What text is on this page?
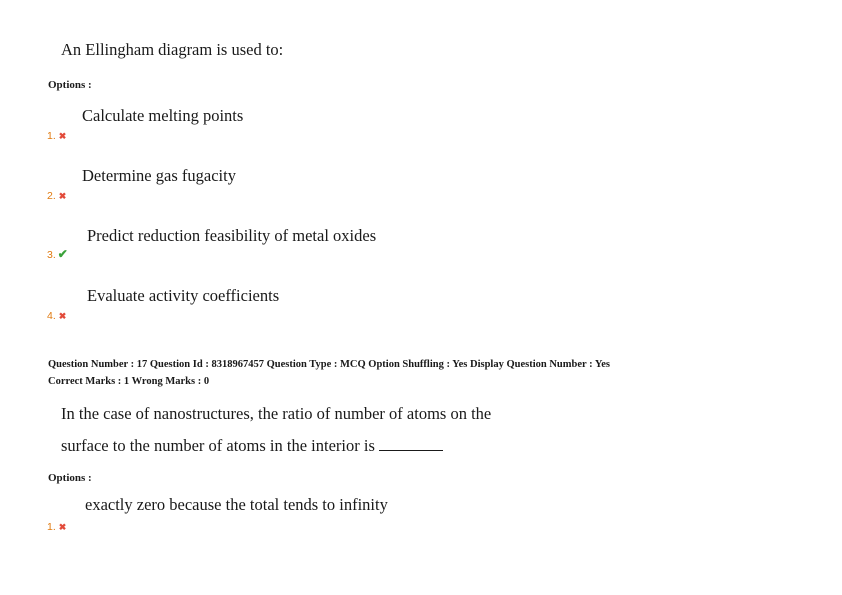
An Ellingham diagram is used to:
Options :
Calculate melting points
1. ✖
Determine gas fugacity
2. ✖
Predict reduction feasibility of metal oxides
3. ✔
Evaluate activity coefficients
4. ✖
Question Number : 17 Question Id : 8318967457 Question Type : MCQ Option Shuffling : Yes Display Question Number : Yes
Correct Marks : 1 Wrong Marks : 0
In the case of nanostructures, the ratio of number of atoms on the
surface to the number of atoms in the interior is
Options :
exactly zero because the total tends to infinity
1. ✖
